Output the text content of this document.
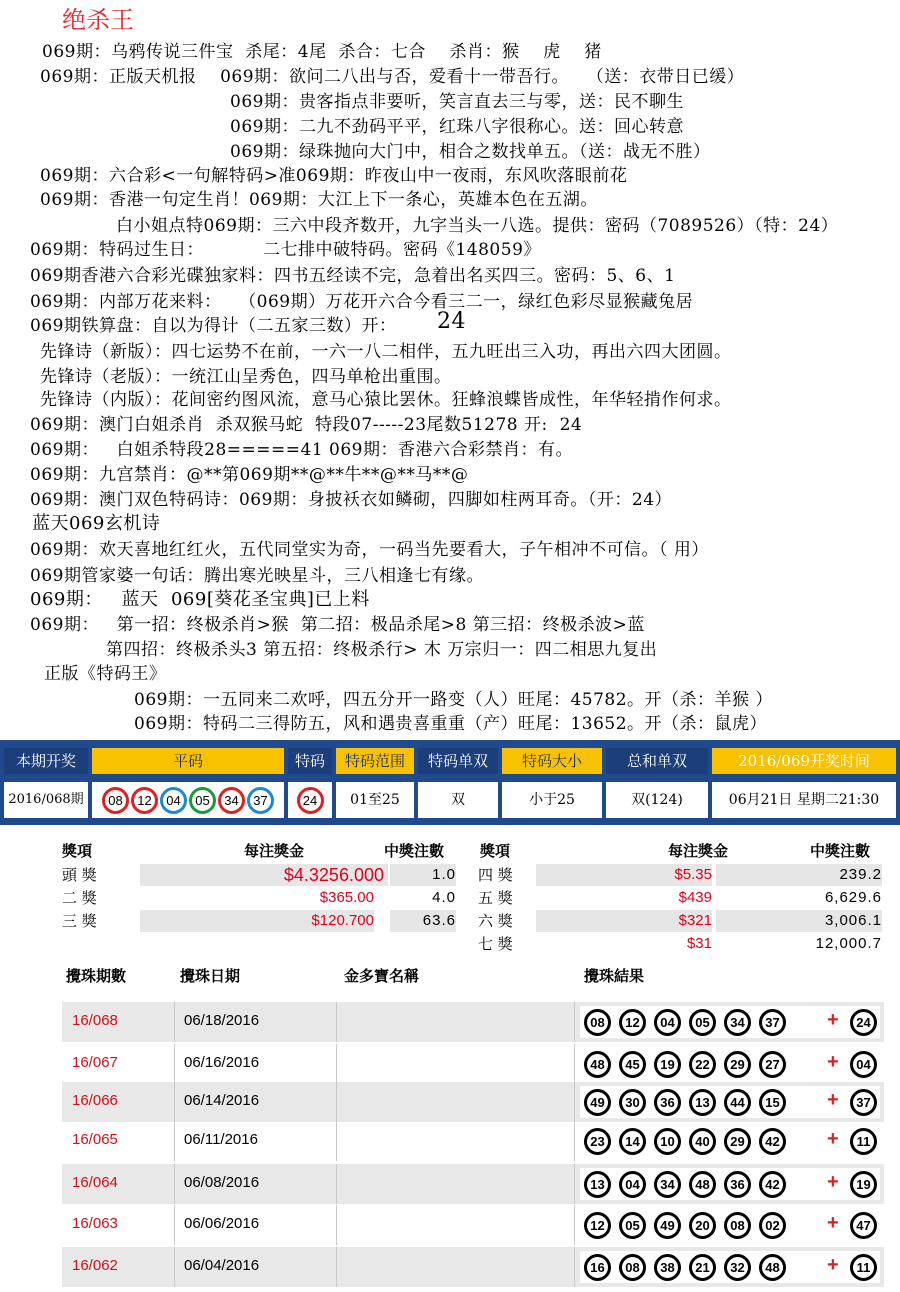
绝杀王
069期：乌鸦传说三件宝  杀尾：4尾  杀合：七合    杀肖：猴    虎    猪
069期：正版天机报    069期：欲问二八出与否，爱看十一带吾行。   （送：衣带日已缓）
069期：贵客指点非要听，笑言直去三与零，送：民不聊生
069期：二九不劲码平平，红珠八字很称心。送：回心转意
069期：绿珠抛向大门中，相合之数找单五。（送：战无不胜）
069期：六合彩<一句解特码>准069期：昨夜山中一夜雨，东风吹落眼前花
069期：香港一句定生肖！069期：大江上下一条心，英雄本色在五湖。
白小姐点特069期：三六中段齐数开，九字当头一八选。提供：密码（7089526）（特：24）
069期：特码过生日：          二七排中破特码。密码《148059》
069期香港六合彩光碟独家料：四书五经读不完，急着出名买四三。密码：5、6、1
069期：内部万花来料：   （069期）万花开六合今看三二一，绿红色彩尽显猴藏兔居
069期铁算盘：自以为得计（二五家三数）开： 24
先锋诗（新版）：四七运势不在前，一六一八二相伴，五九旺出三入功，再出六四大团圆。
先锋诗（老版）：一统江山呈秀色，四马单枪出重围。
先锋诗（内版）：花间密约图风流，意马心猿比罢休。狂蜂浪蝶皆成性，年华轻掯作何求。
069期：澳门白姐杀肖  杀双猴马蛇  特段07-----23尾数51278 开:  24
069期：   白姐杀特段28=====41 069期：香港六合彩禁肖：有。
069期：九宫禁肖：@**第069期**@**牛**@**马**@
069期：澳门双色特码诗：069期：身披袄衣如鳞砌，四脚如柱两耳奇。（开：24）
蓝天069玄机诗
069期：欢天喜地红红火，五代同堂实为奇，一码当先要看大，子午相冲不可信。（ 用）
069期管家婆一句话：腾出寒光映星斗，三八相逢七有缘。
069期：   蓝天  069[葵花圣宝典]已上料
069期：   第一招：终极杀肖>猴  第二招：极品杀尾>8 第三招：终极杀波>蓝
第四招：终极杀头3 第五招：终极杀行> 木 万宗归一：四二相思九复出
正版《特码王》
069期：一五同来二欢呼，四五分开一路变（人）旺尾：45782。开（杀：羊猴 ）
069期：特码二三得防五，风和遇贵喜重重（产）旺尾：13652。开（杀：鼠虎）
本期开奖	平码	特码	特码范围	特码单双	特码大小	总和单双	2016/069开奖时间
2016/068期	08 12 04 05 34 37	24	01至25	双	小于25	双(124)	06月21日 星期二21:30
獎項	每注獎金	中獎注數 獎項	每注獎金	中獎注數
頭 獎	$4.3256.000	1.0
二 獎	$365.00	4.0
三 獎	$120.700	63.6
四 獎	$5.35	239.2
五 獎	$439	6,629.6
六 獎	$321	3,006.1
七 獎	$31	12,000.7
攪珠期數	攪珠日期	金多寶名稱	攪珠結果
16/068	06/18/2016	08	12	04	05	34	37	+	24
16/067	06/16/2016	48	45	19	22	29	27	+	04
16/066	06/14/2016	49	30	36	13	44	15	+	37
16/065	06/11/2016	23	14	10	40	29	42	+	11
16/064	06/08/2016	13	04	34	48	36	42	+	19
16/063	06/06/2016	12	05	49	20	08	02	+	47
16/062	06/04/2016	16	08	38	21	32	48	+	11
